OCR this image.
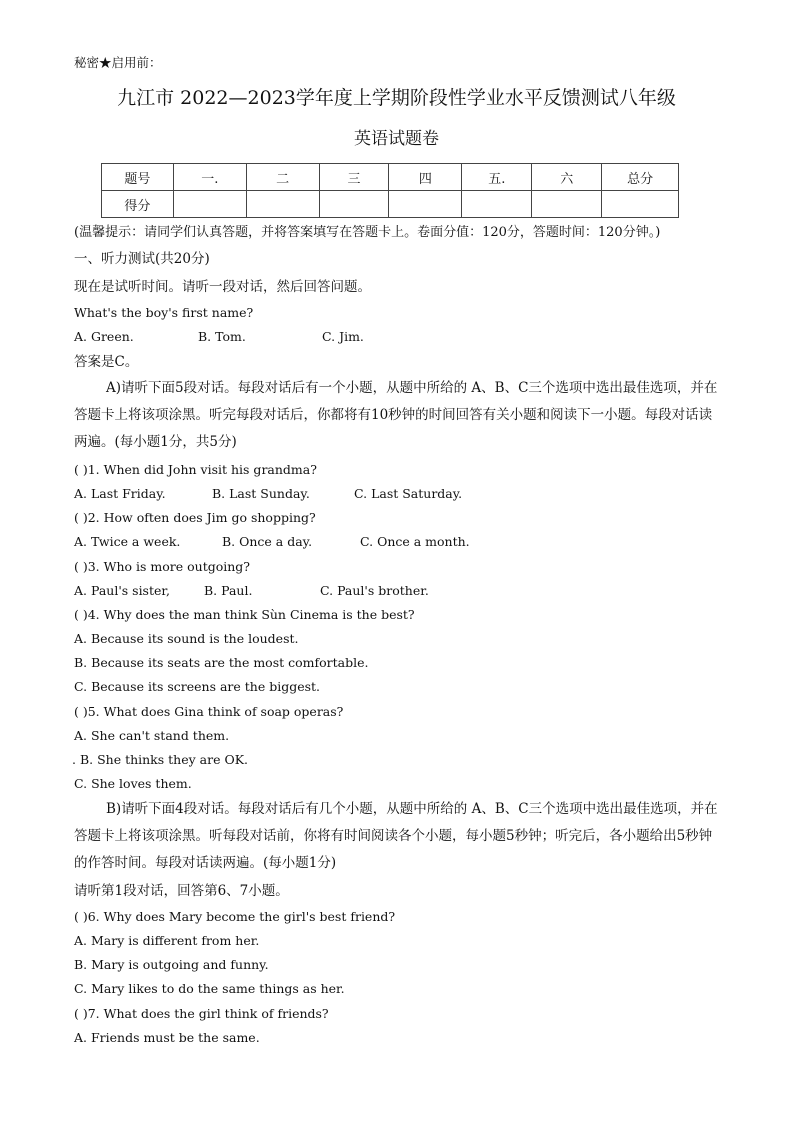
秘密★启用前：
九江市 2022—2023学年度上学期阶段性学业水平反馈测试八年级
英语试题卷
题号	一.	二	三	四	五.	六	总分
得分							
(温馨提示：请同学们认真答题，并将答案填写在答题卡上。卷面分值：120分，答题时间：120分钟。)
一、听力测试(共20分)
现在是试听时间。请听一段对话，然后回答问题。
What's the boy's first name?
A. Green.	B. Tom.	C. Jim.
答案是C。
A)请听下面5段对话。每段对话后有一个小题，从题中所给的 A、B、C三个选项中选出最佳选项，并在答题卡上将该项涂黑。听完每段对话后，你都将有10秒钟的时间回答有关小题和阅读下一小题。每段对话读两遍。(每小题1分，共5分)
( )1. When did John visit his grandma?
A. Last Friday.	B. Last Sunday.	C. Last Saturday.
( )2. How often does Jim go shopping?
A. Twice a week.	B. Once a day.	C. Once a month.
( )3. Who is more outgoing?
A. Paul's sister,	B. Paul.	C. Paul's brother.
( )4. Why does the man think Sùn Cinema is the best?
A. Because its sound is the loudest.
B. Because its seats are the most comfortable.
C. Because its screens are the biggest.
( )5. What does Gina think of soap operas?
A. She can't stand them.
. B. She thinks they are OK.
C. She loves them.
B)请听下面4段对话。每段对话后有几个小题，从题中所给的 A、B、C三个选项中选出最佳选项，并在答题卡上将该项涂黑。听每段对话前，你将有时间阅读各个小题，每小题5秒钟；听完后，各小题给出5秒钟的作答时间。每段对话读两遍。(每小题1分)
请听第1段对话，回答第6、7小题。
( )6. Why does Mary become the girl's best friend?
A. Mary is different from her.
B. Mary is outgoing and funny.
C. Mary likes to do the same things as her.
( )7. What does the girl think of friends?
A. Friends must be the same.
